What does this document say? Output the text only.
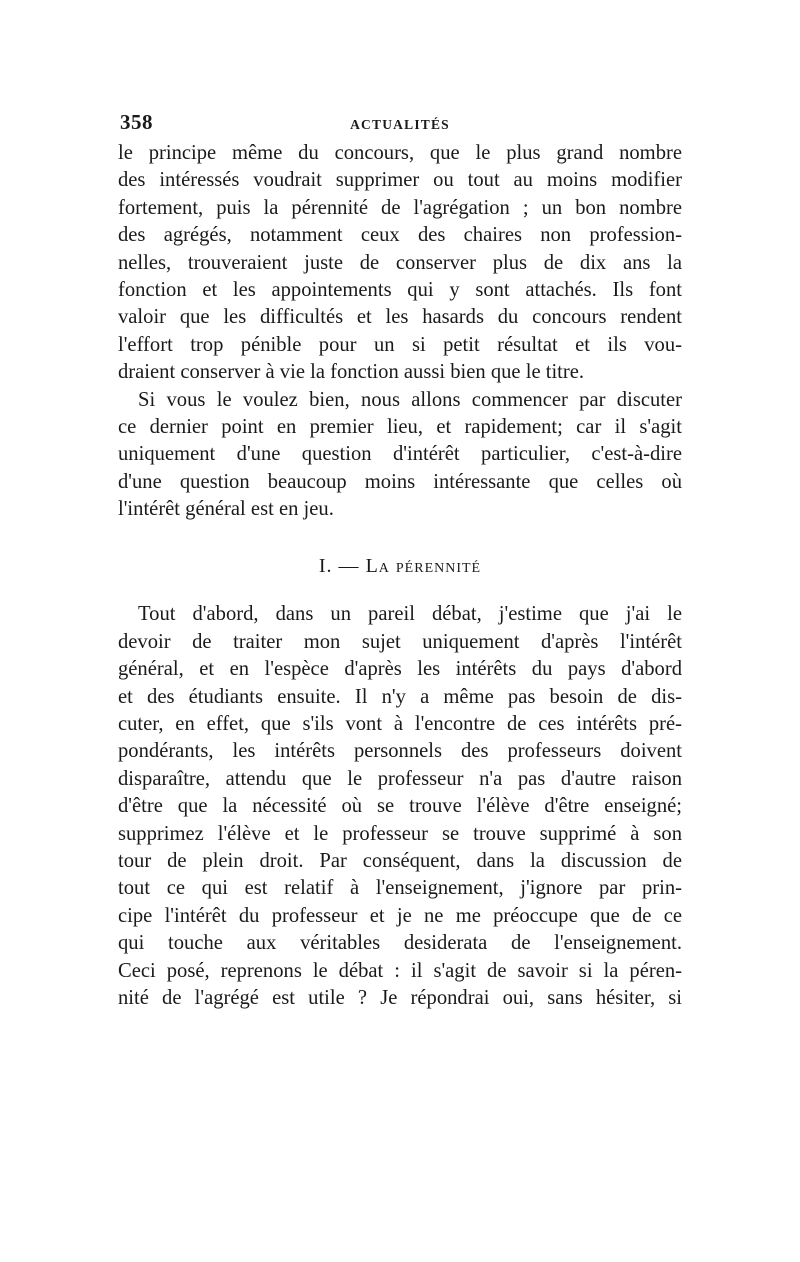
358	ACTUALITÉS

le principe même du concours, que le plus grand nombre
des intéressés voudrait supprimer ou tout au moins modifier
fortement, puis la pérennité de l'agrégation ; un bon nombre
des agrégés, notamment ceux des chaires non profession-
nelles, trouveraient juste de conserver plus de dix ans la
fonction et les appointements qui y sont attachés. Ils font
valoir que les difficultés et les hasards du concours rendent
l'effort trop pénible pour un si petit résultat et ils vou-
draient conserver à vie la fonction aussi bien que le titre.

Si vous le voulez bien, nous allons commencer par discuter
ce dernier point en premier lieu, et rapidement; car il s'agit
uniquement d'une question d'intérêt particulier, c'est-à-dire
d'une question beaucoup moins intéressante que celles où
l'intérêt général est en jeu.

I. — La pérennité

Tout d'abord, dans un pareil débat, j'estime que j'ai le
devoir de traiter mon sujet uniquement d'après l'intérêt
général, et en l'espèce d'après les intérêts du pays d'abord
et des étudiants ensuite. Il n'y a même pas besoin de dis-
cuter, en effet, que s'ils vont à l'encontre de ces intérêts pré-
pondérants, les intérêts personnels des professeurs doivent
disparaître, attendu que le professeur n'a pas d'autre raison
d'être que la nécessité où se trouve l'élève d'être enseigné;
supprimez l'élève et le professeur se trouve supprimé à son
tour de plein droit. Par conséquent, dans la discussion de
tout ce qui est relatif à l'enseignement, j'ignore par prin-
cipe l'intérêt du professeur et je ne me préoccupe que de ce
qui touche aux véritables desiderata de l'enseignement.
Ceci posé, reprenons le débat : il s'agit de savoir si la péren-
nité de l'agrégé est utile ? Je répondrai oui, sans hésiter, si
